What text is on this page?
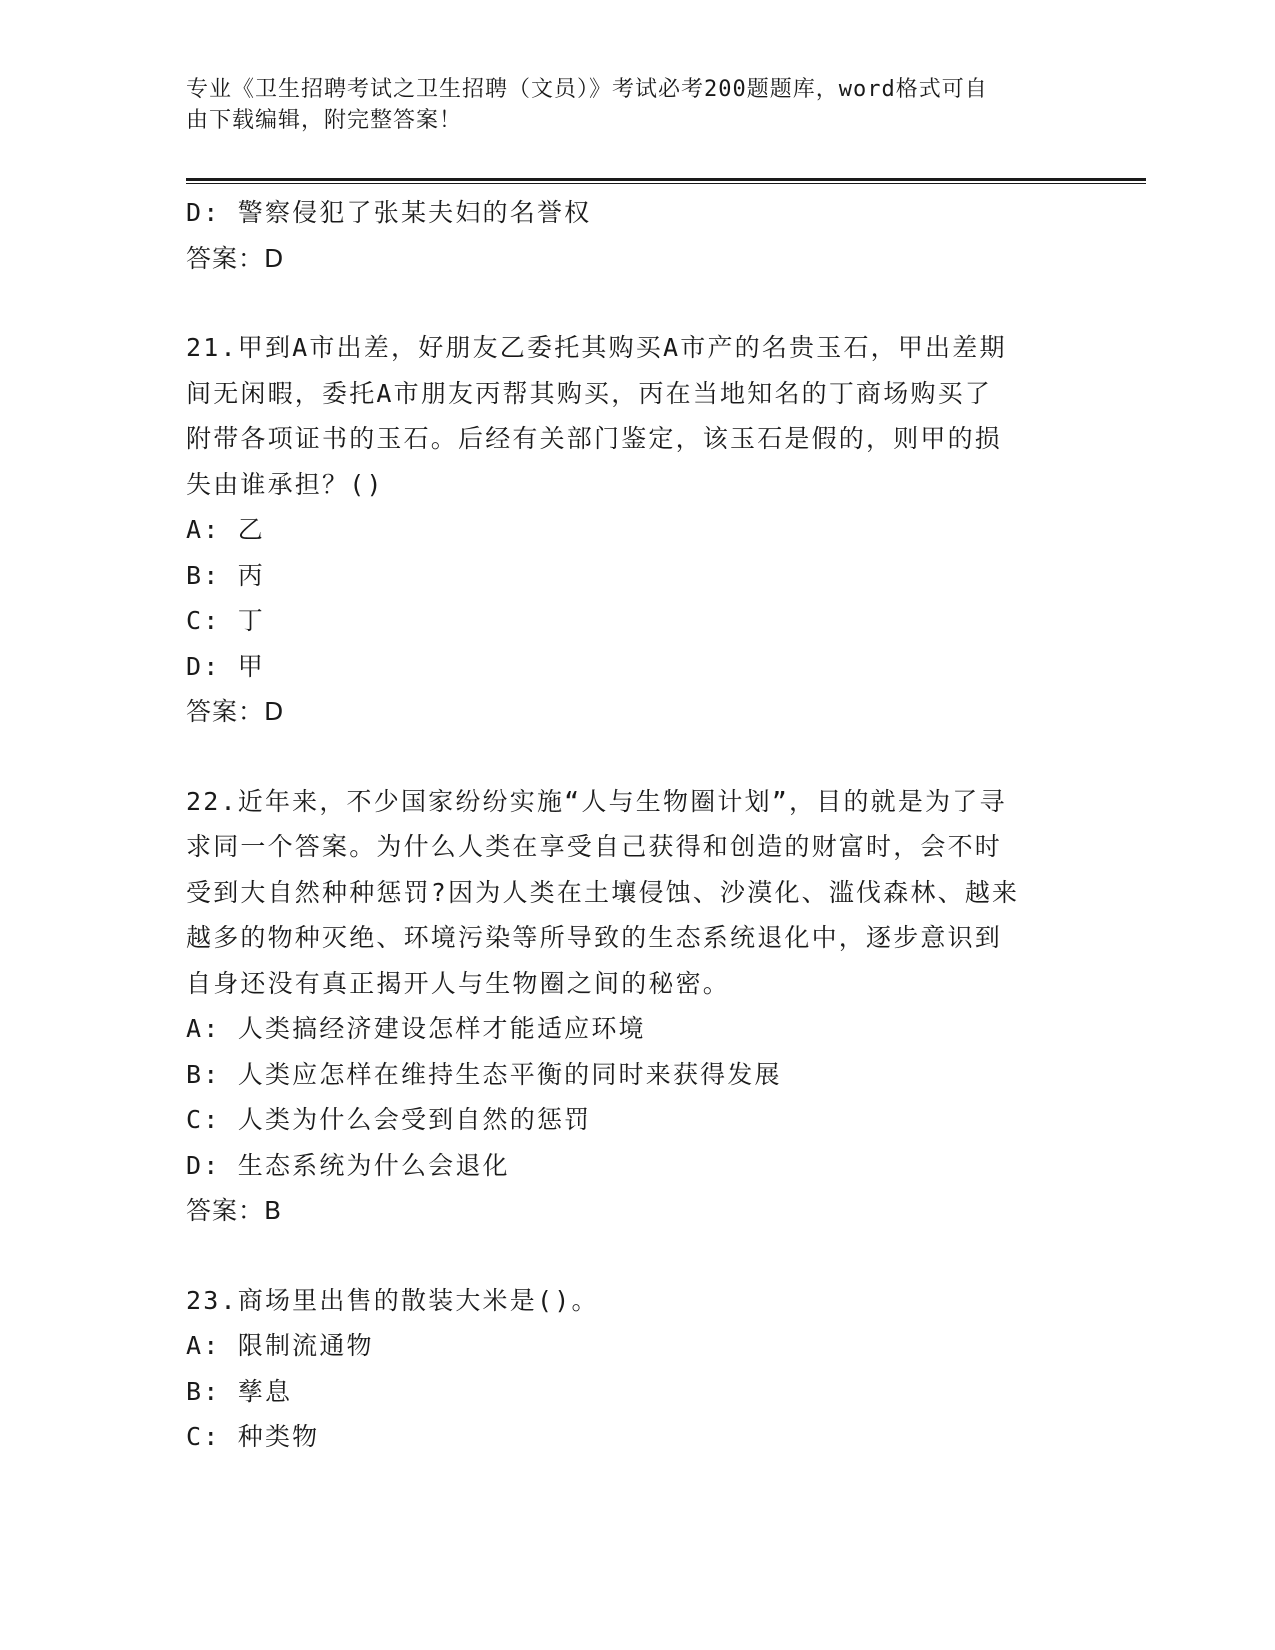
专业《卫生招聘考试之卫生招聘（文员）》考试必考200题题库，word格式可自
由下载编辑，附完整答案！

D: 警察侵犯了张某夫妇的名誉权

答案：D

21.甲到A市出差，好朋友乙委托其购买A市产的名贵玉石，甲出差期

间无闲暇，委托A市朋友丙帮其购买，丙在当地知名的丁商场购买了

附带各项证书的玉石。后经有关部门鉴定，该玉石是假的，则甲的损

失由谁承担？()

A: 乙

B: 丙

C: 丁

D: 甲

答案：D

22.近年来，不少国家纷纷实施“人与生物圈计划”，目的就是为了寻

求同一个答案。为什么人类在享受自己获得和创造的财富时，会不时

受到大自然种种惩罚?因为人类在土壤侵蚀、沙漠化、滥伐森林、越来

越多的物种灭绝、环境污染等所导致的生态系统退化中，逐步意识到

自身还没有真正揭开人与生物圈之间的秘密。

A: 人类搞经济建设怎样才能适应环境

B: 人类应怎样在维持生态平衡的同时来获得发展

C: 人类为什么会受到自然的惩罚

D: 生态系统为什么会退化

答案：B

23.商场里出售的散装大米是()。

A: 限制流通物

B: 孳息

C: 种类物
